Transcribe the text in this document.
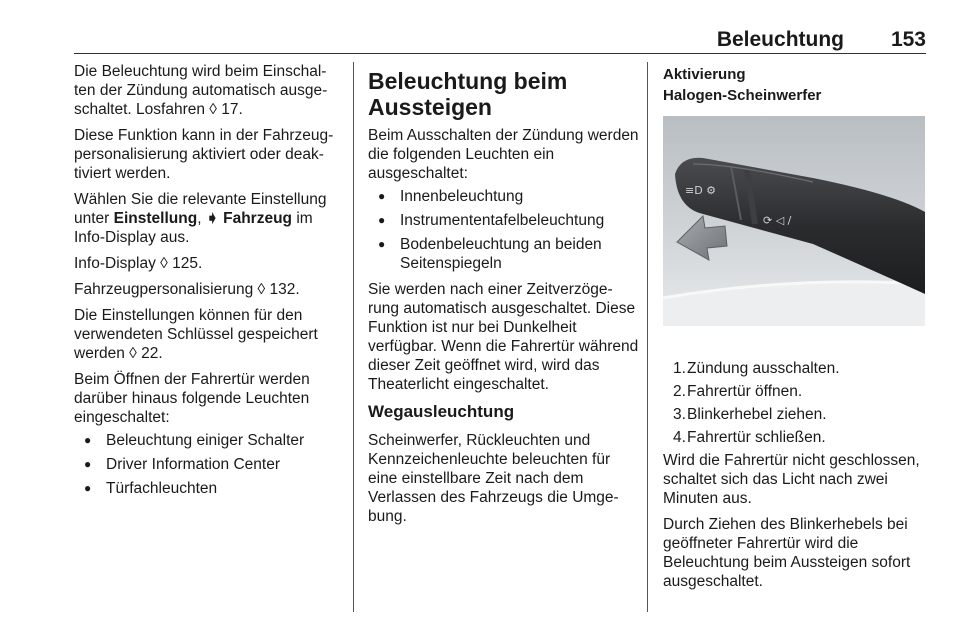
Beleuchtung 153

Die Beleuchtung wird beim Einschal-ten der Zündung automatisch ausge-schaltet. Losfahren ◊ 17.

Diese Funktion kann in der Fahrzeug-personalisierung aktiviert oder deak-tiviert werden.

Wählen Sie die relevante Einstellung unter Einstellung, ➧ Fahrzeug im Info-Display aus.

Info-Display ◊ 125.

Fahrzeugpersonalisierung ◊ 132.

Die Einstellungen können für den verwendeten Schlüssel gespeichert werden ◊ 22.

Beim Öffnen der Fahrertür werden darüber hinaus folgende Leuchten eingeschaltet:

● Beleuchtung einiger Schalter
● Driver Information Center
● Türfachleuchten
Beleuchtung beim Aussteigen

Beim Ausschalten der Zündung werden die folgenden Leuchten ein ausgeschaltet:

● Innenbeleuchtung
● Instrumententafelbeleuchtung
● Bodenbeleuchtung an beiden Seitenspiegeln

Sie werden nach einer Zeitverzöge-rung automatisch ausgeschaltet. Diese Funktion ist nur bei Dunkelheit verfügbar. Wenn die Fahrertür während dieser Zeit geöffnet wird, wird das Theaterlicht eingeschaltet.

Wegausleuchtung

Scheinwerfer, Rückleuchten und Kennzeichenleuchte beleuchten für eine einstellbare Zeit nach dem Verlassen des Fahrzeugs die Umge-bung.

Aktivierung
Halogen-Scheinwerfer
1. Zündung ausschalten.
2. Fahrertür öffnen.
3. Blinkerhebel ziehen.
4. Fahrertür schließen.

Wird die Fahrertür nicht geschlossen, schaltet sich das Licht nach zwei Minuten aus.

Durch Ziehen des Blinkerhebels bei geöffneter Fahrertür wird die Beleuchtung beim Aussteigen sofort ausgeschaltet.

≡D ⚙
⟳ ◁ /
